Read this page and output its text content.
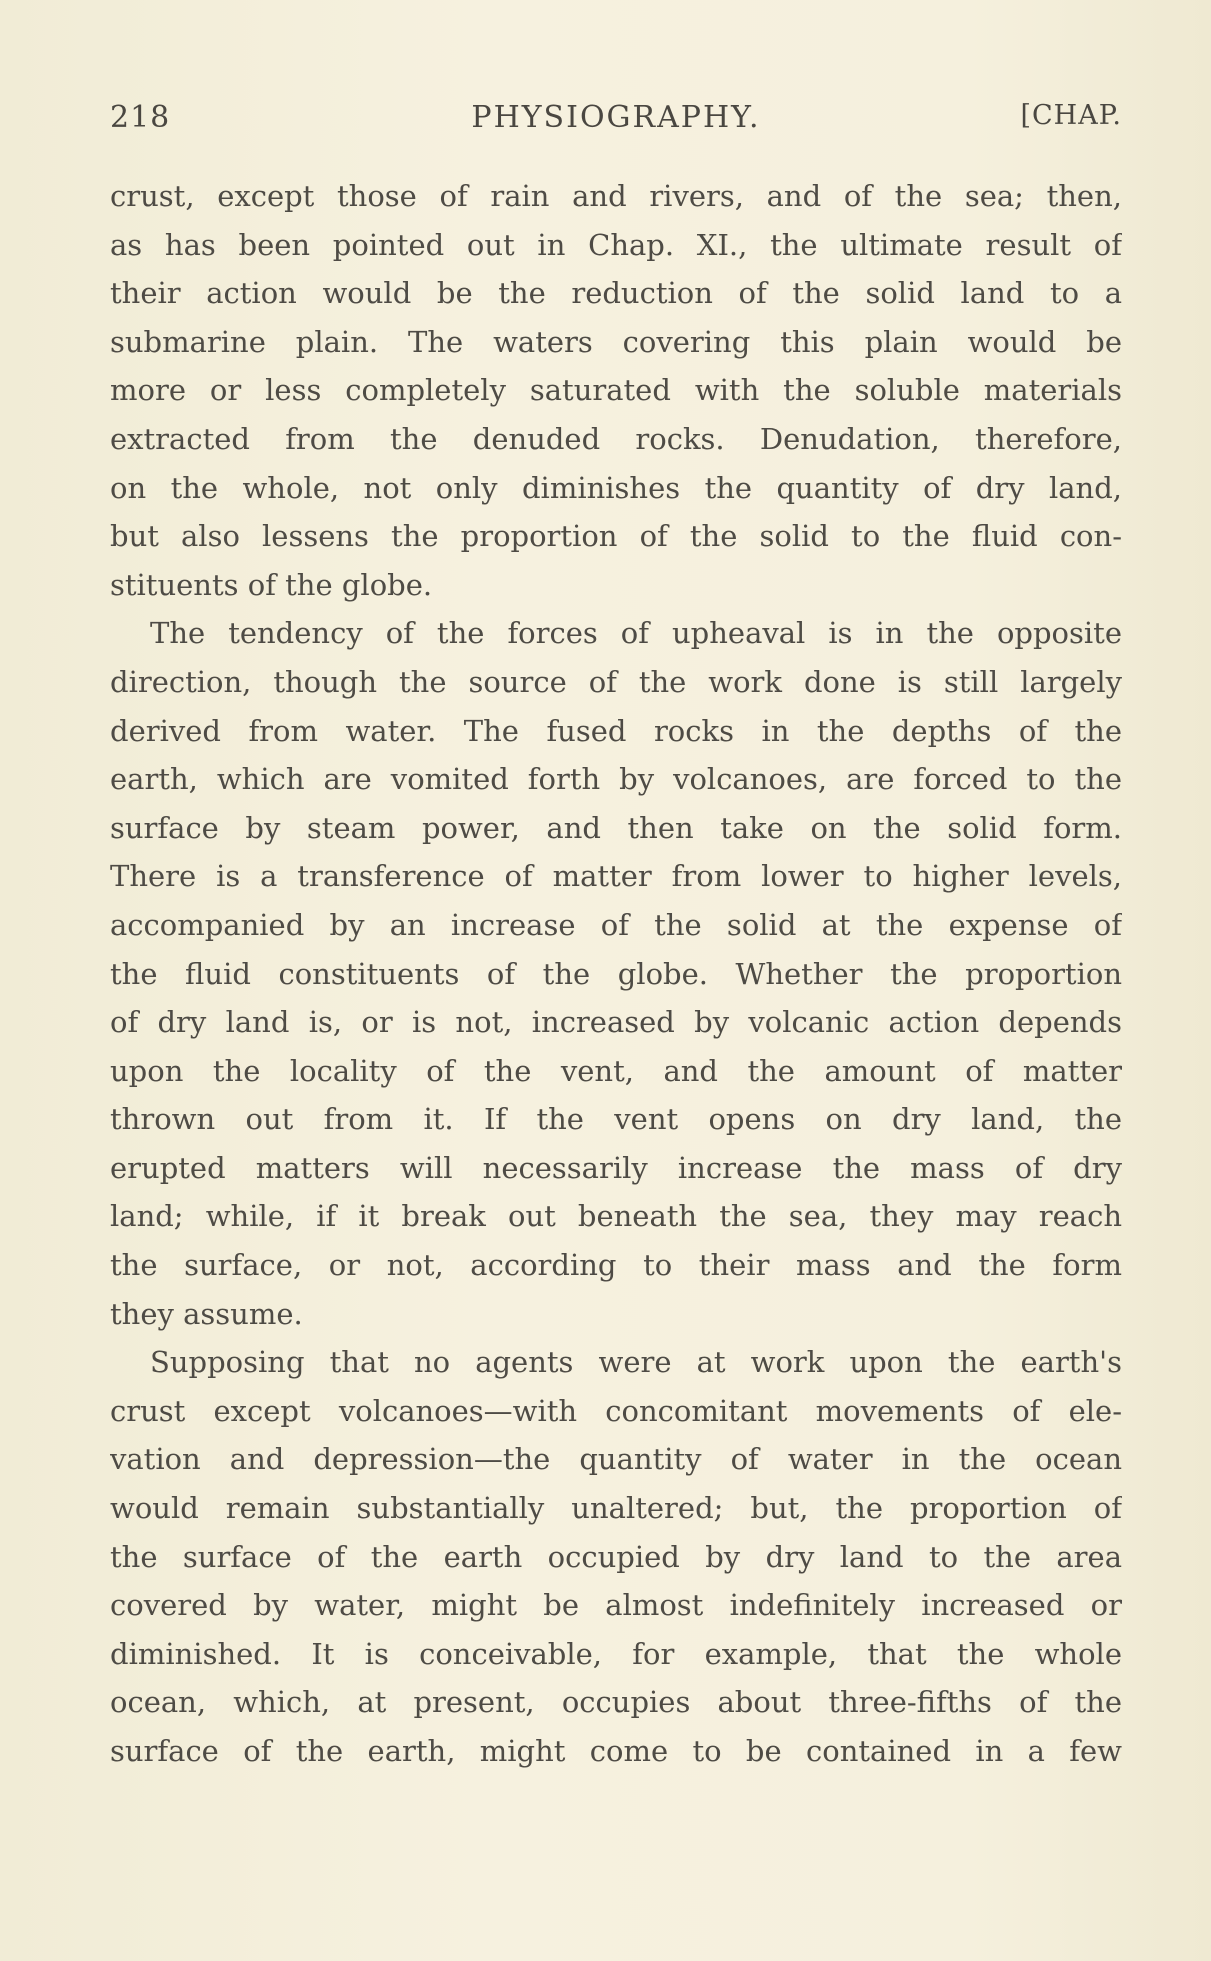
218	PHYSIOGRAPHY.	[CHAP.
crust, except those of rain and rivers, and of the sea; then,
as has been pointed out in Chap. XI., the ultimate result of
their action would be the reduction of the solid land to a
submarine plain. The waters covering this plain would be
more or less completely saturated with the soluble materials
extracted from the denuded rocks. Denudation, therefore,
on the whole, not only diminishes the quantity of dry land,
but also lessens the proportion of the solid to the fluid con-
stituents of the globe.
The tendency of the forces of upheaval is in the opposite
direction, though the source of the work done is still largely
derived from water. The fused rocks in the depths of the
earth, which are vomited forth by volcanoes, are forced to the
surface by steam power, and then take on the solid form.
There is a transference of matter from lower to higher levels,
accompanied by an increase of the solid at the expense of
the fluid constituents of the globe. Whether the proportion
of dry land is, or is not, increased by volcanic action depends
upon the locality of the vent, and the amount of matter
thrown out from it. If the vent opens on dry land, the
erupted matters will necessarily increase the mass of dry
land; while, if it break out beneath the sea, they may reach
the surface, or not, according to their mass and the form
they assume.
Supposing that no agents were at work upon the earth's
crust except volcanoes—with concomitant movements of ele-
vation and depression—the quantity of water in the ocean
would remain substantially unaltered; but, the proportion of
the surface of the earth occupied by dry land to the area
covered by water, might be almost indefinitely increased or
diminished. It is conceivable, for example, that the whole
ocean, which, at present, occupies about three-fifths of the
surface of the earth, might come to be contained in a few
